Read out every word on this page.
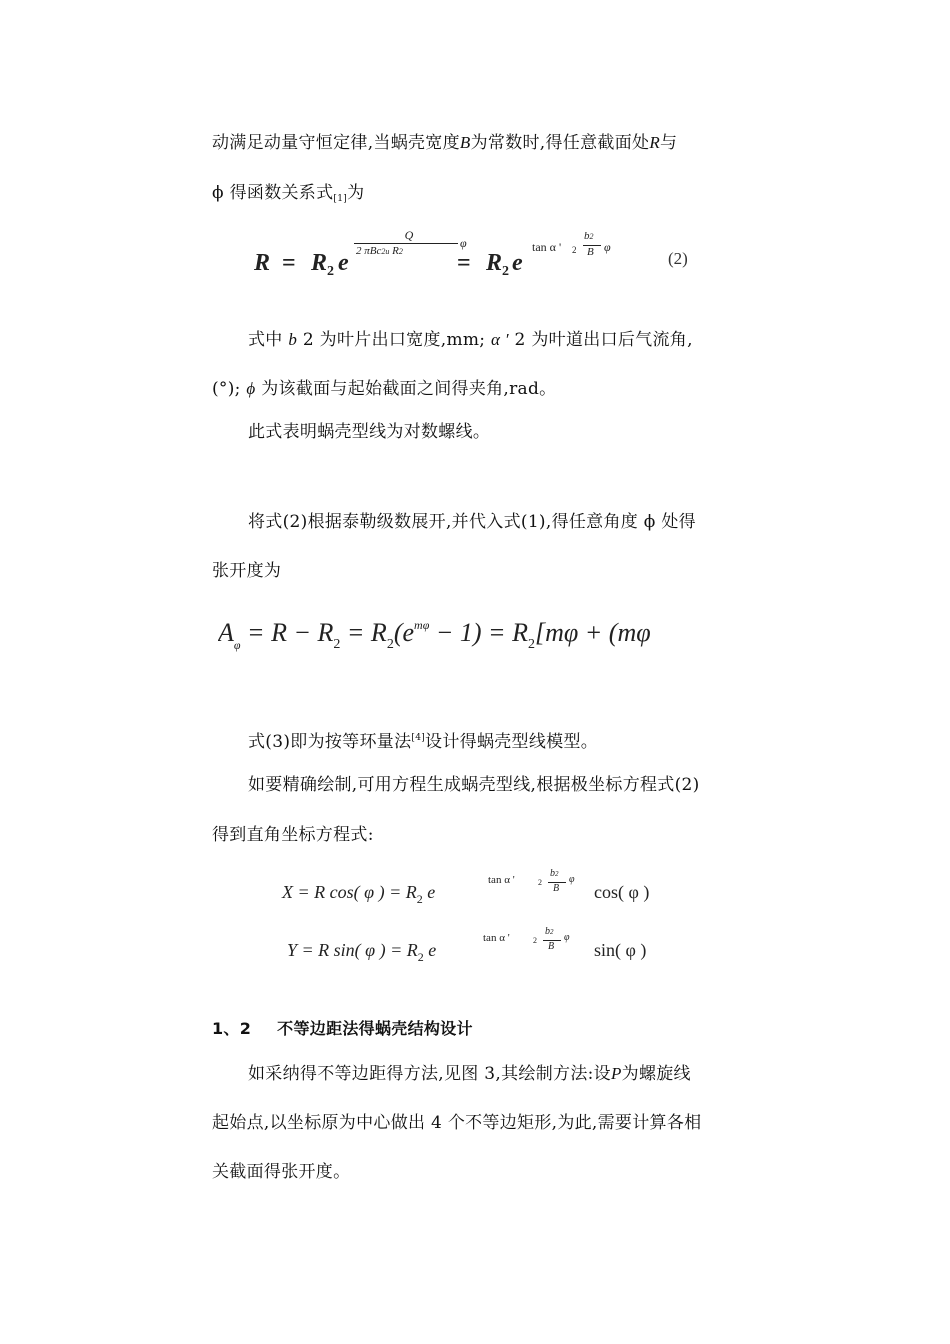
动满足动量守恒定律,当蜗壳宽度B为常数时,得任意截面处R与
ϕ 得函数关系式$_{[1]}$为
R = R 2 e
Q
2 πBc2u R2
φ
= R 2 e
tan α ' 2
b2
B φ
(2)
式中 b 2 为叶片出口宽度,mm; α ′ 2 为叶道出口后气流角,
(°); ϕ 为该截面与起始截面之间得夹角,rad。
此式表明蜗壳型线为对数螺线。
将式(2)根据泰勒级数展开,并代入式(1),得任意角度 ϕ 处得
张开度为
$A_\varphi = R - R_2 = R_2(e^{m\varphi} - 1) = R_2[m\varphi + (m\varphi$
式(3)即为按等环量法[4]设计得蜗壳型线模型。
如要精确绘制,可用方程生成蜗壳型线,根据极坐标方程式(2)
得到直角坐标方程式:
X = R cos( φ ) = $R_2$ e
tan α '	2
b2
B
φ
cos( φ )
Y = R sin( φ ) = $R_2$ e
tan α '	2
b2
B
φ
sin( φ )
1、2 不等边距法得蜗壳结构设计
如采纳得不等边距得方法,见图 3,其绘制方法:设P为螺旋线
起始点,以坐标原为中心做出 4 个不等边矩形,为此,需要计算各相
关截面得张开度。
